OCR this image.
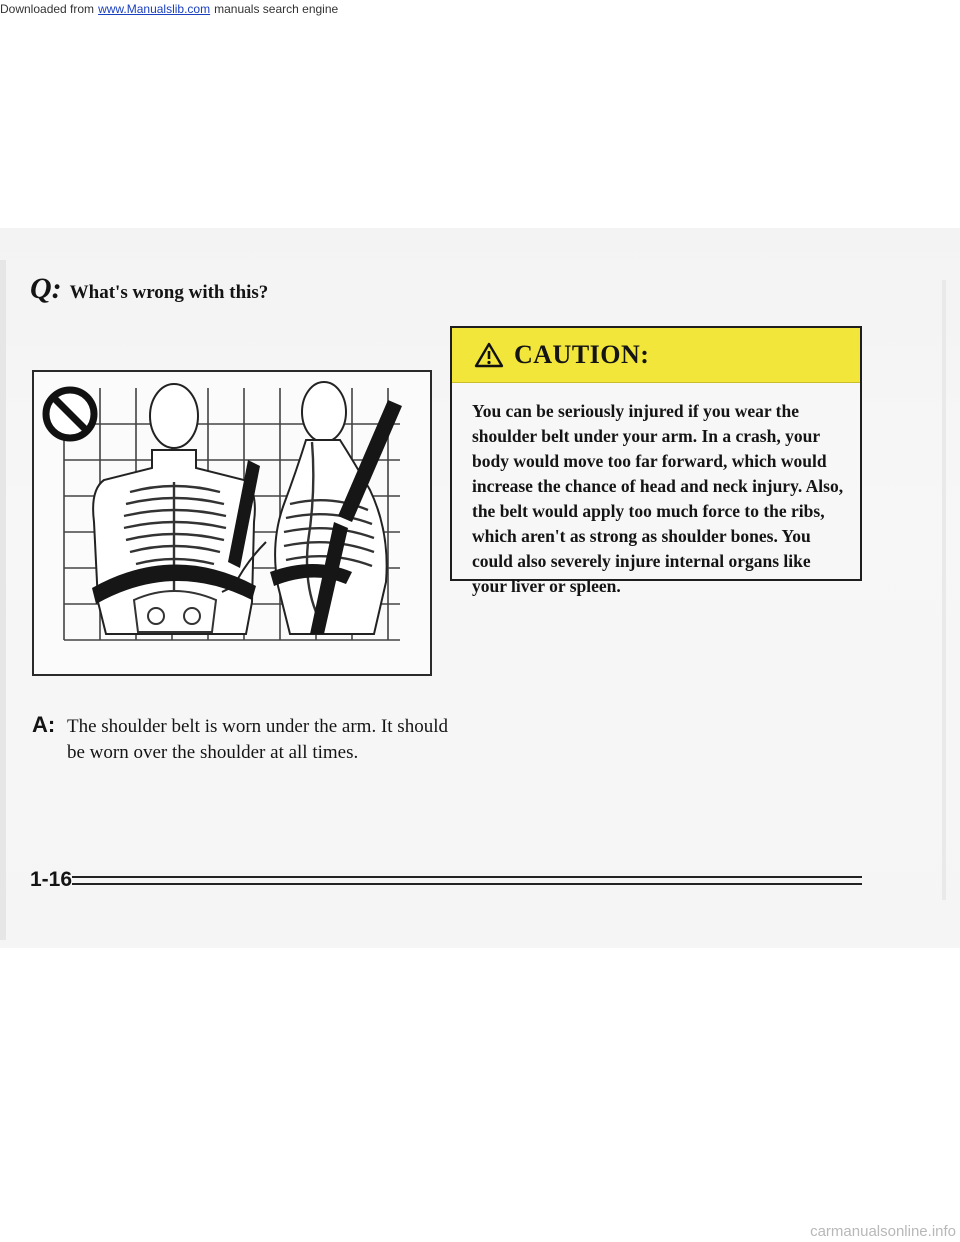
Downloaded from www.Manualslib.com manuals search engine
Q: What's wrong with this?
A: The shoulder belt is worn under the arm. It should be worn over the shoulder at all times.
CAUTION:
You can be seriously injured if you wear the shoulder belt under your arm. In a crash, your body would move too far forward, which would increase the chance of head and neck injury. Also, the belt would apply too much force to the ribs, which aren't as strong as shoulder bones. You could also severely injure internal organs like your liver or spleen.
1-16
carmanualsonline.info
